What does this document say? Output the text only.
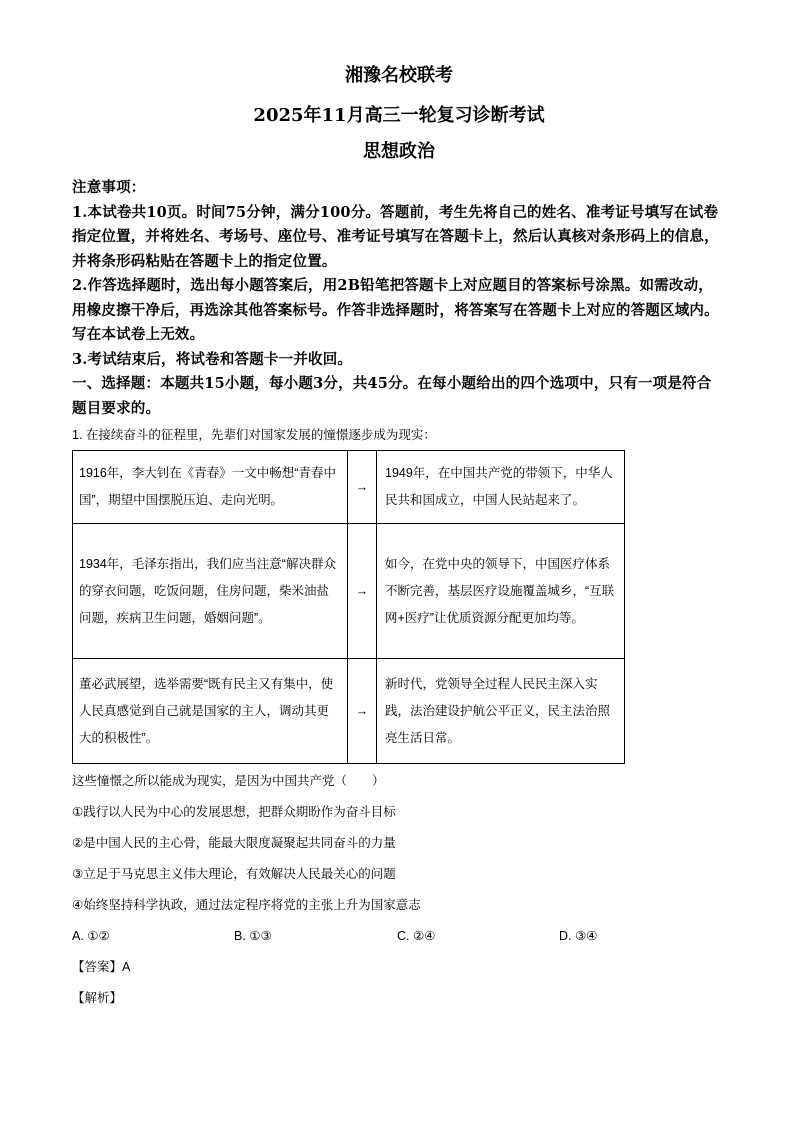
湘豫名校联考

2025年11月高三一轮复习诊断考试

思想政治

注意事项：

1.本试卷共10页。时间75分钟，满分100分。答题前，考生先将自己的姓名、准考证号填写在试卷指定位置，并将姓名、考场号、座位号、准考证号填写在答题卡上，然后认真核对条形码上的信息，并将条形码粘贴在答题卡上的指定位置。

2.作答选择题时，选出每小题答案后，用2B铅笔把答题卡上对应题目的答案标号涂黑。如需改动，用橡皮擦干净后，再选涂其他答案标号。作答非选择题时，将答案写在答题卡上对应的答题区域内。写在本试卷上无效。

3.考试结束后，将试卷和答题卡一并收回。

一、选择题：本题共15小题，每小题3分，共45分。在每小题给出的四个选项中，只有一项是符合题目要求的。

1. 在接续奋斗的征程里，先辈们对国家发展的憧憬逐步成为现实：
1916年，李大钊在《青春》一文中畅想“青春中国”，期望中国摆脱压迫、走向光明。	→	1949年，在中国共产党的带领下，中华人民共和国成立，中国人民站起来了。
1934年，毛泽东指出，我们应当注意“解决群众的穿衣问题，吃饭问题，住房问题，柴米油盐问题，疾病卫生问题，婚姻问题”。	→	如今，在党中央的领导下，中国医疗体系不断完善，基层医疗设施覆盖城乡，“互联网+医疗”让优质资源分配更加均等。
董必武展望，选举需要“既有民主又有集中，使人民真感觉到自己就是国家的主人，调动其更大的积极性”。	→	新时代，党领导全过程人民民主深入实践，法治建设护航公平正义，民主法治照亮生活日常。

这些憧憬之所以能成为现实，是因为中国共产党（　　）

①践行以人民为中心的发展思想，把群众期盼作为奋斗目标

②是中国人民的主心骨，能最大限度凝聚起共同奋斗的力量

③立足于马克思主义伟大理论，有效解决人民最关心的问题

④始终坚持科学执政，通过法定程序将党的主张上升为国家意志

A. ①②	B. ①③	C. ②④	D. ③④

【答案】A

【解析】
